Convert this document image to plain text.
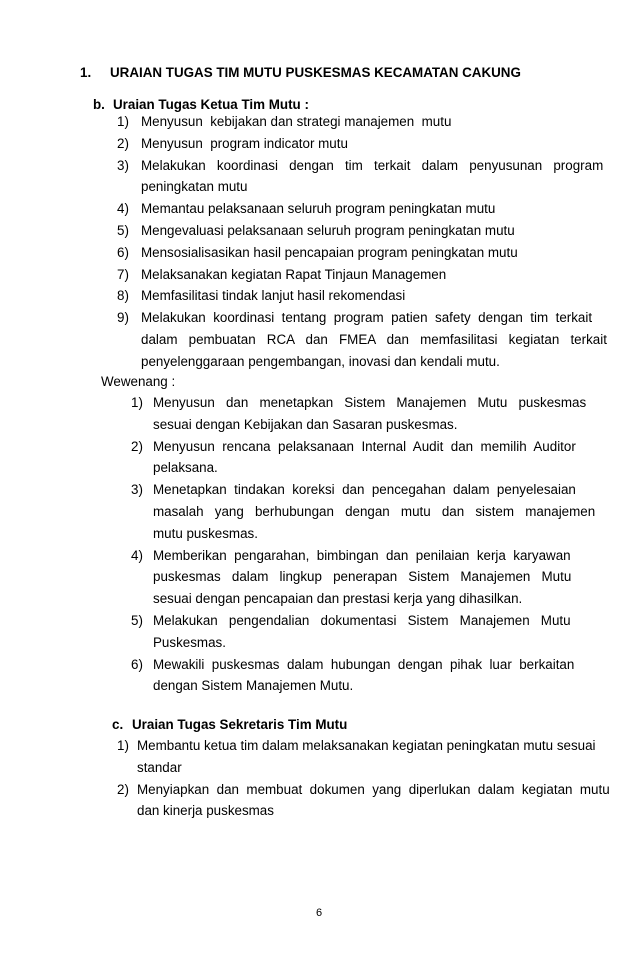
1. URAIAN TUGAS TIM MUTU PUSKESMAS KECAMATAN CAKUNG
b. Uraian Tugas Ketua Tim Mutu :
1) Menyusun  kebijakan dan strategi manajemen  mutu
2) Menyusun  program indicator mutu
3) Melakukan   koordinasi   dengan   tim   terkait   dalam   penyusunan   program
peningkatan mutu
4) Memantau pelaksanaan seluruh program peningkatan mutu
5) Mengevaluasi pelaksanaan seluruh program peningkatan mutu
6) Mensosialisasikan hasil pencapaian program peningkatan mutu
7) Melaksanakan kegiatan Rapat Tinjaun Managemen
8) Memfasilitasi tindak lanjut hasil rekomendasi
9) Melakukan  koordinasi  tentang  program  patien  safety  dengan  tim  terkait
dalam   pembuatan   RCA   dan   FMEA   dan   memfasilitasi   kegiatan   terkait
penyelenggaraan pengembangan, inovasi dan kendali mutu.
Wewenang :
1) Menyusun   dan   menetapkan   Sistem   Manajemen   Mutu   puskesmas
sesuai dengan Kebijakan dan Sasaran puskesmas.
2) Menyusun  rencana  pelaksanaan  Internal  Audit  dan  memilih  Auditor
pelaksana.
3) Menetapkan  tindakan  koreksi  dan  pencegahan  dalam  penyelesaian
masalah   yang   berhubungan   dengan   mutu   dan   sistem   manajemen
mutu puskesmas.
4) Memberikan  pengarahan,  bimbingan  dan  penilaian  kerja  karyawan
puskesmas   dalam   lingkup   penerapan   Sistem   Manajemen   Mutu
sesuai dengan pencapaian dan prestasi kerja yang dihasilkan.
5) Melakukan   pengendalian   dokumentasi   Sistem   Manajemen   Mutu
Puskesmas.
6) Mewakili  puskesmas  dalam  hubungan  dengan  pihak  luar  berkaitan
dengan Sistem Manajemen Mutu.
c. Uraian Tugas Sekretaris Tim Mutu
1) Membantu ketua tim dalam melaksanakan kegiatan peningkatan mutu sesuai
standar
2) Menyiapkan  dan  membuat  dokumen  yang  diperlukan  dalam  kegiatan  mutu
dan kinerja puskesmas
6
